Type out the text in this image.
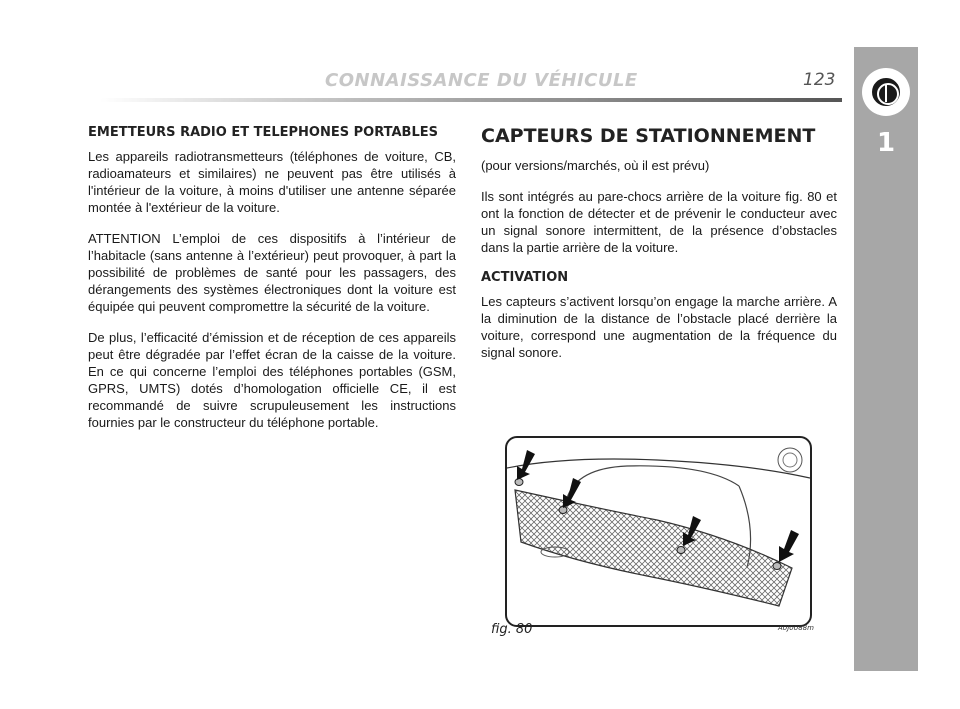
CONNAISSANCE DU VÉHICULE	123
1
EMETTEURS RADIO ET TELEPHONES PORTABLES

Les appareils radiotransmetteurs (téléphones de voiture, CB, radioamateurs et similaires) ne peuvent pas être utilisés à l'intérieur de la voiture, à moins d'utiliser une antenne séparée montée à l'extérieur de la voiture.

ATTENTION L’emploi de ces dispositifs à l’intérieur de l’habitacle (sans antenne à l’extérieur) peut provoquer, à part la possibilité de problèmes de santé pour les passagers, des dérangements des systèmes électroniques dont la voiture est équipée qui peuvent compromettre la sécurité de la voiture.

De plus, l’efficacité d’émission et de réception de ces appareils peut être dégradée par l’effet écran de la caisse de la voiture. En ce qui concerne l’emploi des téléphones portables (GSM, GPRS, UMTS) dotés d’homologation officielle CE, il est recommandé de suivre scrupuleusement les instructions fournies par le constructeur du téléphone portable.

CAPTEURS DE STATIONNEMENT

(pour versions/marchés, où il est prévu)

Ils sont intégrés au pare-chocs arrière de la voiture fig. 80 et ont la fonction de détecter et de prévenir le conducteur avec un signal sonore intermittent, de la présence d’obstacles dans la partie arrière de la voiture.

ACTIVATION

Les capteurs s’activent lorsqu’on engage la marche arrière. A la diminution de la distance de l’obstacle placé derrière la voiture, correspond une augmentation de la fréquence du signal sonore.

fig. 80	A0J0088m
